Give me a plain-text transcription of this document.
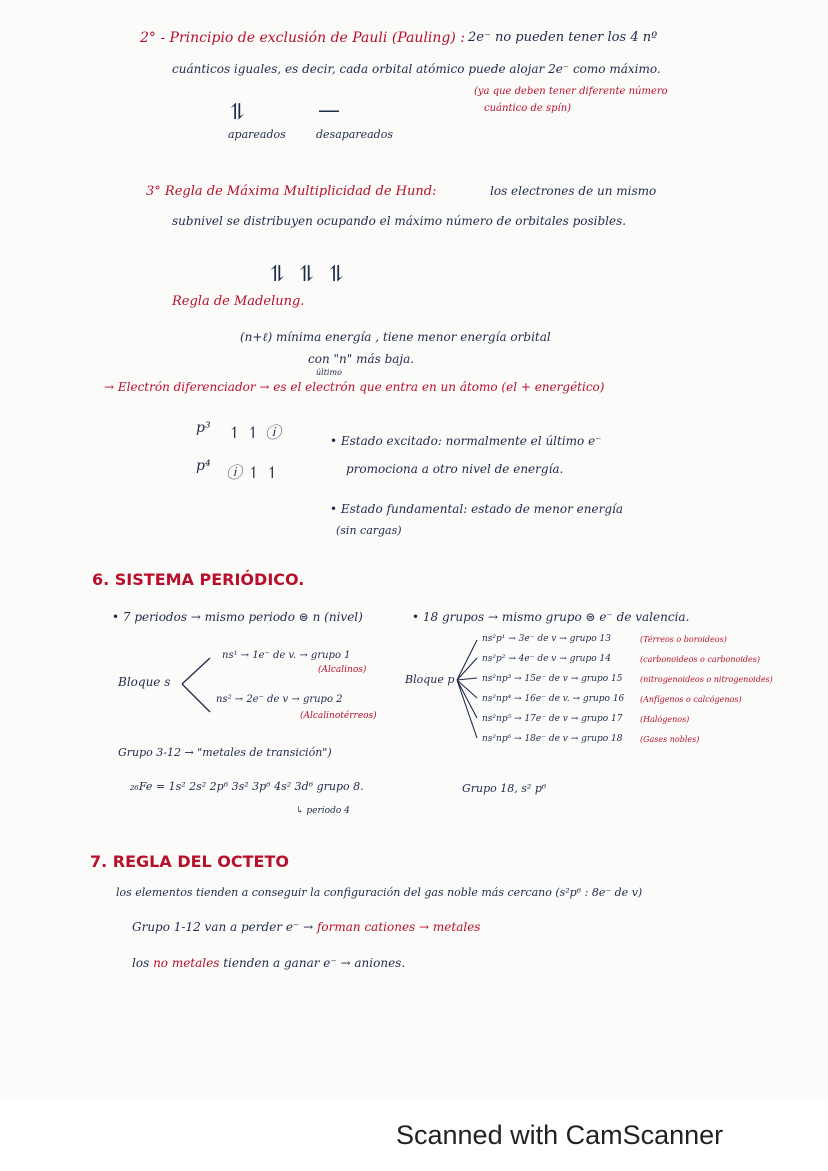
2° - Principio de exclusión de Pauli (Pauling) : 2e⁻ no pueden tener los 4 nº
cuánticos iguales, es decir, cada orbital atómico puede alojar 2e⁻ como máximo.
(ya que deben tener diferente número
cuántico de spín)
⥮	—
apareados	desapareados
3° Regla de Máxima Multiplicidad de Hund:	los electrones de un mismo
subnivel se distribuyen ocupando el máximo número de orbitales posibles.
⥮ ⥮ ⥮
Regla de Madelung.
(n+ℓ) mínima energía , tiene menor energía orbital
con "n" más baja.
último
→ Electrón diferenciador → es el electrón que entra en un átomo (el + energético)
p³ ↿ ↿ ⓘ
p⁴ ⓘ ↿ ↿
• Estado excitado: normalmente el último e⁻
promociona a otro nivel de energía.
• Estado fundamental: estado de menor energía
(sin cargas)
6. SISTEMA PERIÓDICO.
• 7 periodos → mismo periodo ⊜ n (nivel)	• 18 grupos → mismo grupo ⊜ e⁻ de valencia.
Bloque s
ns¹ → 1e⁻ de v. → grupo 1
(Alcalinos)
ns² → 2e⁻ de v → grupo 2
(Alcalinotérreos)
Bloque p
ns²p¹ → 3e⁻ de v → grupo 13	(Térreos o boroideos)
ns²p² → 4e⁻ de v → grupo 14	(carbonoideos o carbonoides)
ns²np³ → 15e⁻ de v → grupo 15 (nitrogenoideos o nitrogenoides)
ns²np⁴ → 16e⁻ de v. → grupo 16 (Anfígenos o calcógenos)
ns²np⁵ → 17e⁻ de v → grupo 17 (Halógenos)
ns²np⁶ → 18e⁻ de v → grupo 18 (Gases nobles)
Grupo 3-12 → "metales de transición")
₂₆Fe = 1s² 2s² 2p⁶ 3s² 3p⁶ 4s² 3d⁶ grupo 8.
↳ periodo 4
Grupo 18, s² p⁶
7. REGLA DEL OCTETO
los elementos tienden a conseguir la configuración del gas noble más cercano (s²p⁶ : 8e⁻ de v)
Grupo 1-12 van a perder e⁻ → forman cationes → metales
los no metales tienden a ganar e⁻ → aniones.
Scanned with CamScanner
